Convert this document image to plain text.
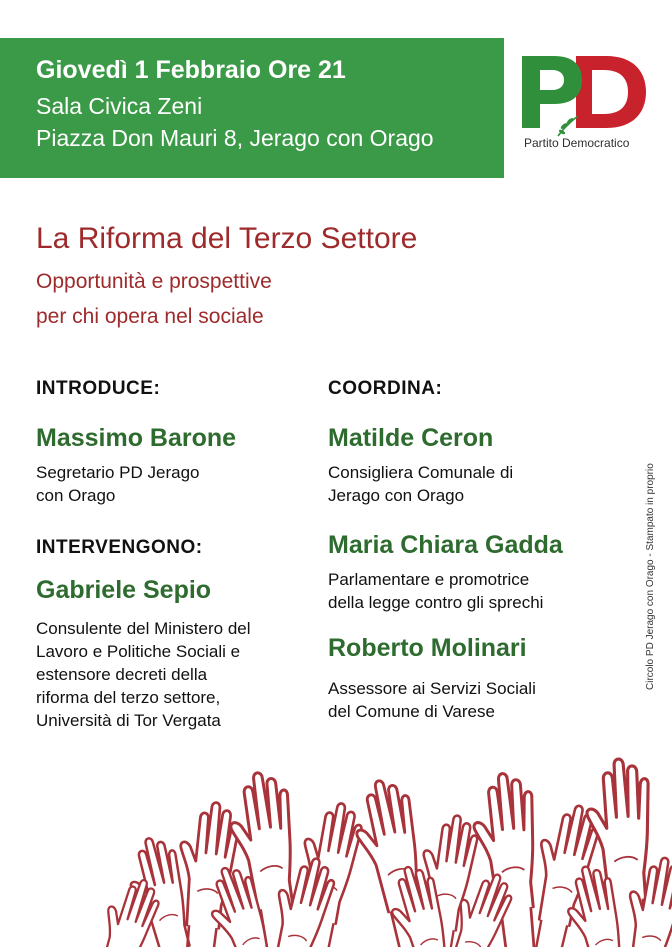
Giovedì 1 Febbraio Ore 21
Sala Civica Zeni
Piazza Don Mauri 8, Jerago con Orago	Partito Democratico
La Riforma del Terzo Settore
Opportunità e prospettive
per chi opera nel sociale
INTRODUCE:
Massimo Barone
Segretario PD Jerago
con Orago
INTERVENGONO:
Gabriele Sepio
Consulente del Ministero del
Lavoro e Politiche Sociali e
estensore decreti della
riforma del terzo settore,
Università di Tor Vergata
COORDINA:
Matilde Ceron
Consigliera Comunale di
Jerago con Orago
Maria Chiara Gadda
Parlamentare e promotrice
della legge contro gli sprechi
Roberto Molinari
Assessore ai Servizi Sociali
del Comune di Varese
Circolo PD Jerago con Orago - Stampato in proprio
